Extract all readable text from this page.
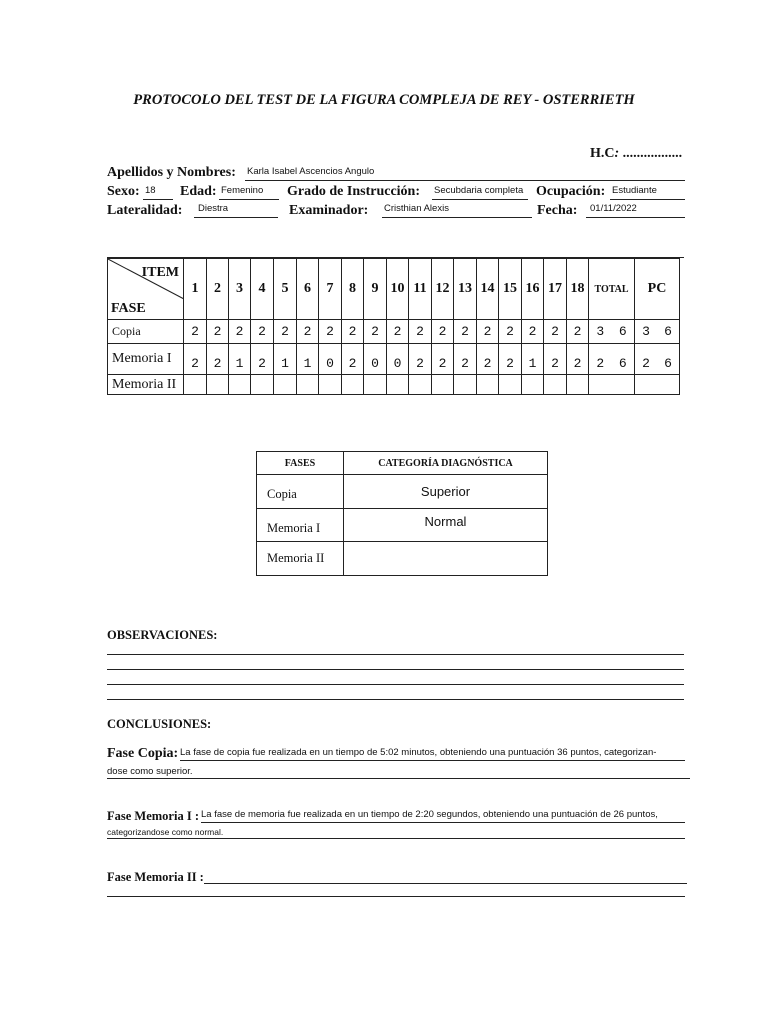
PROTOCOLO DEL TEST DE LA FIGURA COMPLEJA DE REY - OSTERRIETH
H.C: .................
Apellidos y Nombres: Karla Isabel Ascencios Angulo
Sexo: 18 Edad: Femenino Grado de Instrucción: Secubdaria completa Ocupación: Estudiante
Lateralidad: Diestra	Examinador: Cristhian Alexis	Fecha: 01/11/2022
ITEM
FASE	1	2	3	4	5	6	7	8	9	10	11	12	13	14	15	16	17	18	TOTAL	PC
Copia	2	2	2	2	2	2	2	2	2	2	2	2	2	2	2	2	2	2	3 6	3 6

Memoria I	2	2	1	2	1	1	0	2	0	0	2	2	2	2	2	1	2	2	2 6	2 6

Memoria II																			

FASES	CATEGORÍA DIAGNÓSTICA
Copia	Superior
Memoria I	Normal
Memoria II	
OBSERVACIONES:
CONCLUSIONES:
Fase Copia: La fase de copia fue realizada en un tiempo de 5:02 minutos, obteniendo una puntuación 36 puntos, categorizan-
dose como superior.
Fase Memoria I : La fase de memoria fue realizada en un tiempo de 2:20 segundos, obteniendo una puntuación de 26 puntos,
categorizandose como normal.
Fase Memoria II :
